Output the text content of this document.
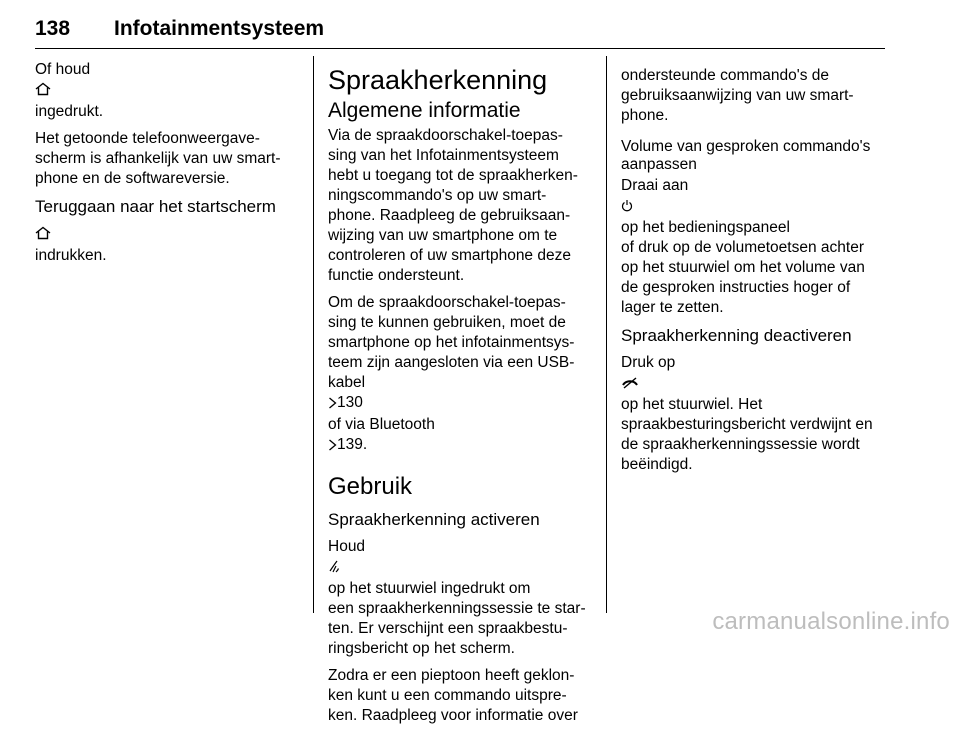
138 Infotainmentsysteem

Of houd

ingedrukt.

Het getoonde telefoonweergave-
scherm is afhankelijk van uw smart-
phone en de softwareversie.

Teruggaan naar het startscherm

indrukken.

Spraakherkenning
Algemene informatie

Via de spraakdoorschakel-toepas-
sing van het Infotainmentsysteem
hebt u toegang tot de spraakherken-
ningscommando's op uw smart-
phone. Raadpleeg de gebruiksaan-
wijzing van uw smartphone om te
controleren of uw smartphone deze
functie ondersteunt.

Om de spraakdoorschakel-toepas-
sing te kunnen gebruiken, moet de
smartphone op het infotainmentsys-
teem zijn aangesloten via een USB-
kabel
130
of via Bluetooth
139.

Gebruik
Spraakherkenning activeren

Houd

op het stuurwiel ingedrukt om
een spraakherkenningssessie te star-
ten. Er verschijnt een spraakbestu-
ringsbericht op het scherm.

Zodra er een pieptoon heeft geklon-
ken kunt u een commando uitspre-
ken. Raadpleeg voor informatie over

ondersteunde commando's de
gebruiksaanwijzing van uw smart-
phone.

Volume van gesproken commando's
aanpassen

Draai aan

op het bedieningspaneel
of druk op de volumetoetsen achter
op het stuurwiel om het volume van
de gesproken instructies hoger of
lager te zetten.

Spraakherkenning deactiveren

Druk op

op het stuurwiel. Het
spraakbesturingsbericht verdwijnt en
de spraakherkenningssessie wordt
beëindigd.

carmanualsonline.info
